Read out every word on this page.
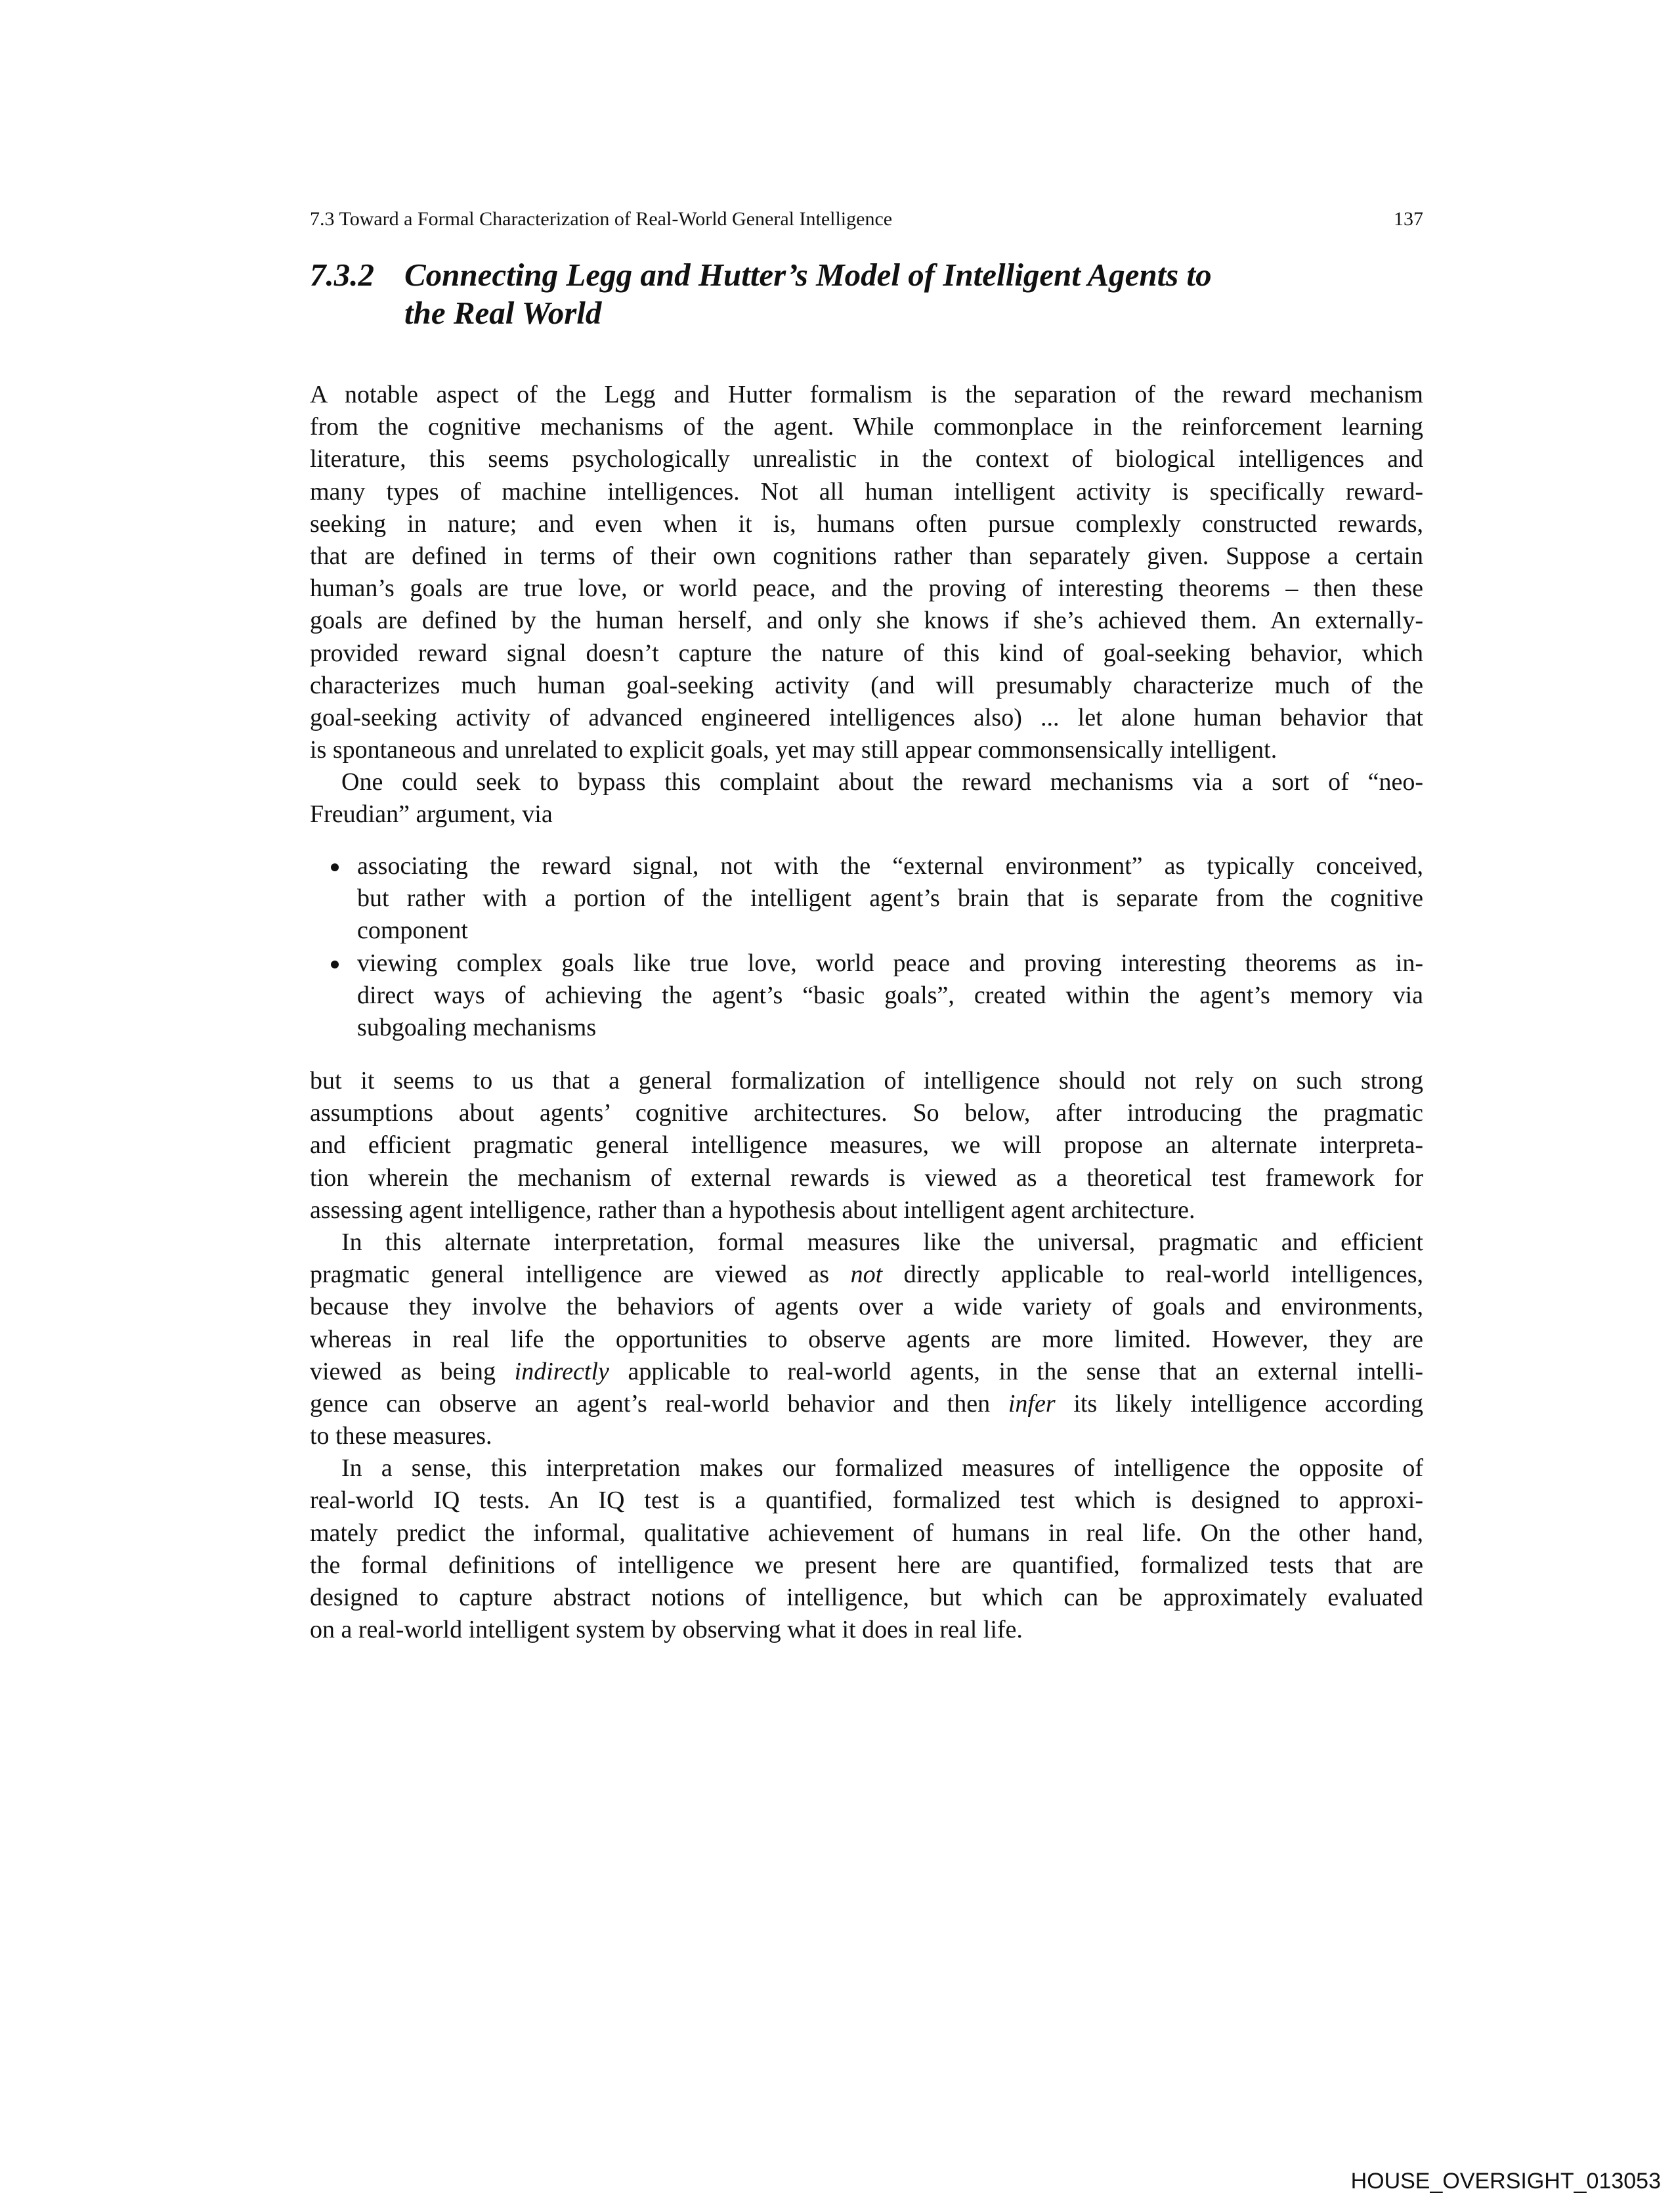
7.3 Toward a Formal Characterization of Real-World General Intelligence	137
7.3.2 Connecting Legg and Hutter’s Model of Intelligent Agents to
the Real World
A notable aspect of the Legg and Hutter formalism is the separation of the reward mechanism
from the cognitive mechanisms of the agent. While commonplace in the reinforcement learning
literature, this seems psychologically unrealistic in the context of biological intelligences and
many types of machine intelligences. Not all human intelligent activity is specifically reward-
seeking in nature; and even when it is, humans often pursue complexly constructed rewards,
that are defined in terms of their own cognitions rather than separately given. Suppose a certain
human’s goals are true love, or world peace, and the proving of interesting theorems – then these
goals are defined by the human herself, and only she knows if she’s achieved them. An externally-
provided reward signal doesn’t capture the nature of this kind of goal-seeking behavior, which
characterizes much human goal-seeking activity (and will presumably characterize much of the
goal-seeking activity of advanced engineered intelligences also) ... let alone human behavior that
is spontaneous and unrelated to explicit goals, yet may still appear commonsensically intelligent.
One could seek to bypass this complaint about the reward mechanisms via a sort of “neo-
Freudian” argument, via
associating the reward signal, not with the “external environment” as typically conceived,
but rather with a portion of the intelligent agent’s brain that is separate from the cognitive
component
viewing complex goals like true love, world peace and proving interesting theorems as in-
direct ways of achieving the agent’s “basic goals”, created within the agent’s memory via
subgoaling mechanisms
but it seems to us that a general formalization of intelligence should not rely on such strong
assumptions about agents’ cognitive architectures. So below, after introducing the pragmatic
and efficient pragmatic general intelligence measures, we will propose an alternate interpreta-
tion wherein the mechanism of external rewards is viewed as a theoretical test framework for
assessing agent intelligence, rather than a hypothesis about intelligent agent architecture.
In this alternate interpretation, formal measures like the universal, pragmatic and efficient
pragmatic general intelligence are viewed as not directly applicable to real-world intelligences,
because they involve the behaviors of agents over a wide variety of goals and environments,
whereas in real life the opportunities to observe agents are more limited. However, they are
viewed as being indirectly applicable to real-world agents, in the sense that an external intelli-
gence can observe an agent’s real-world behavior and then infer its likely intelligence according
to these measures.
In a sense, this interpretation makes our formalized measures of intelligence the opposite of
real-world IQ tests. An IQ test is a quantified, formalized test which is designed to approxi-
mately predict the informal, qualitative achievement of humans in real life. On the other hand,
the formal definitions of intelligence we present here are quantified, formalized tests that are
designed to capture abstract notions of intelligence, but which can be approximately evaluated
on a real-world intelligent system by observing what it does in real life.
HOUSE_OVERSIGHT_013053
